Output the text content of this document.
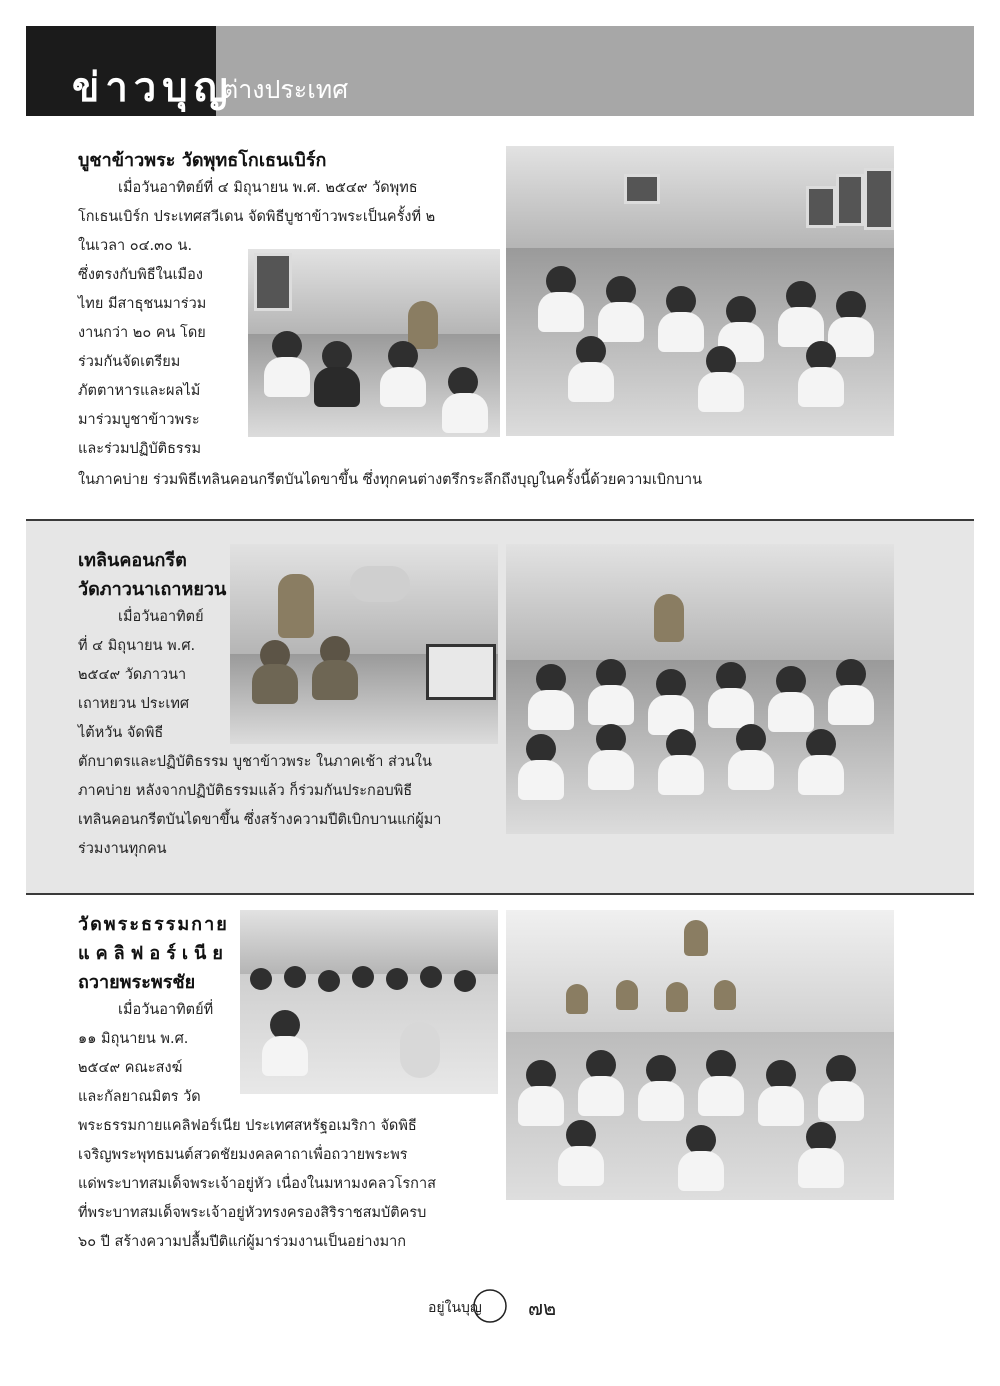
ข่าวบุญ
ต่างประเทศ
บูชาข้าวพระ วัดพุทธโกเธนเบิร์ก
เมื่อวันอาทิตย์ที่ ๔ มิถุนายน พ.ศ. ๒๕๔๙ วัดพุทธ
โกเธนเบิร์ก ประเทศสวีเดน จัดพิธีบูชาข้าวพระเป็นครั้งที่ ๒
ในเวลา ๐๔.๓๐ น.
ซึ่งตรงกับพิธีในเมือง
ไทย มีสาธุชนมาร่วม
งานกว่า ๒๐ คน โดย
ร่วมกันจัดเตรียม
ภัตตาหารและผลไม้
มาร่วมบูชาข้าวพระ
และร่วมปฏิบัติธรรม
ในภาคบ่าย ร่วมพิธีเทลินคอนกรีตบันไดขาขึ้น ซึ่งทุกคนต่างตรึกระลึกถึงบุญในครั้งนี้ด้วยความเบิกบาน
เทลินคอนกรีต
วัดภาวนาเถาหยวน
เมื่อวันอาทิตย์
ที่ ๔ มิถุนายน พ.ศ.
๒๕๔๙ วัดภาวนา
เถาหยวน ประเทศ
ไต้หวัน จัดพิธี
ตักบาตรและปฏิบัติธรรม บูชาข้าวพระ ในภาคเช้า ส่วนใน
ภาคบ่าย หลังจากปฏิบัติธรรมแล้ว ก็ร่วมกันประกอบพิธี
เทลินคอนกรีตบันไดขาขึ้น ซึ่งสร้างความปีติเบิกบานแก่ผู้มา
ร่วมงานทุกคน
วัดพระธรรมกาย
แคลิฟอร์เนีย
ถวายพระพรชัย
เมื่อวันอาทิตย์ที่
๑๑ มิถุนายน พ.ศ.
๒๕๔๙ คณะสงฆ์
และกัลยาณมิตร วัด
พระธรรมกายแคลิฟอร์เนีย ประเทศสหรัฐอเมริกา จัดพิธี
เจริญพระพุทธมนต์สวดชัยมงคลคาถาเพื่อถวายพระพร
แด่พระบาทสมเด็จพระเจ้าอยู่หัว เนื่องในมหามงคลวโรกาส
ที่พระบาทสมเด็จพระเจ้าอยู่หัวทรงครองสิริราชสมบัติครบ
๖๐ ปี สร้างความปลื้มปีติแก่ผู้มาร่วมงานเป็นอย่างมาก
อยู่ในบุญ ๗๒
